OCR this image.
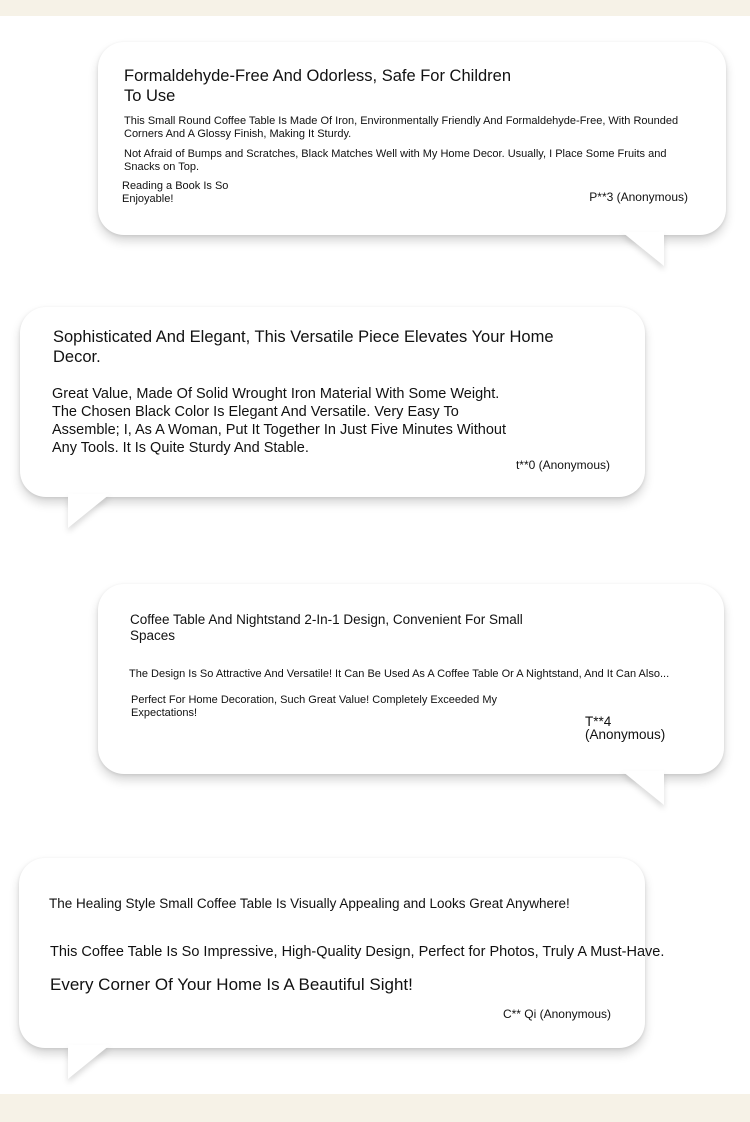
Formaldehyde-Free And Odorless, Safe For Children To Use

This Small Round Coffee Table Is Made Of Iron, Environmentally Friendly And Formaldehyde-Free, With Rounded Corners And A Glossy Finish, Making It Sturdy.

Not Afraid of Bumps and Scratches, Black Matches Well with My Home Decor. Usually, I Place Some Fruits and Snacks on Top.

Reading a Book Is So Enjoyable!	P**3 (Anonymous)

Sophisticated And Elegant, This Versatile Piece Elevates Your Home Decor.

Great Value, Made Of Solid Wrought Iron Material With Some Weight. The Chosen Black Color Is Elegant And Versatile. Very Easy To Assemble; I, As A Woman, Put It Together In Just Five Minutes Without Any Tools. It Is Quite Sturdy And Stable.

t**0 (Anonymous)

Coffee Table And Nightstand 2-In-1 Design, Convenient For Small Spaces

The Design Is So Attractive And Versatile! It Can Be Used As A Coffee Table Or A Nightstand, And It Can Also...

Perfect For Home Decoration, Such Great Value! Completely Exceeded My Expectations!

T**4 (Anonymous)

The Healing Style Small Coffee Table Is Visually Appealing and Looks Great Anywhere!

This Coffee Table Is So Impressive, High-Quality Design, Perfect for Photos, Truly A Must-Have.

Every Corner Of Your Home Is A Beautiful Sight!

C** Qi (Anonymous)
